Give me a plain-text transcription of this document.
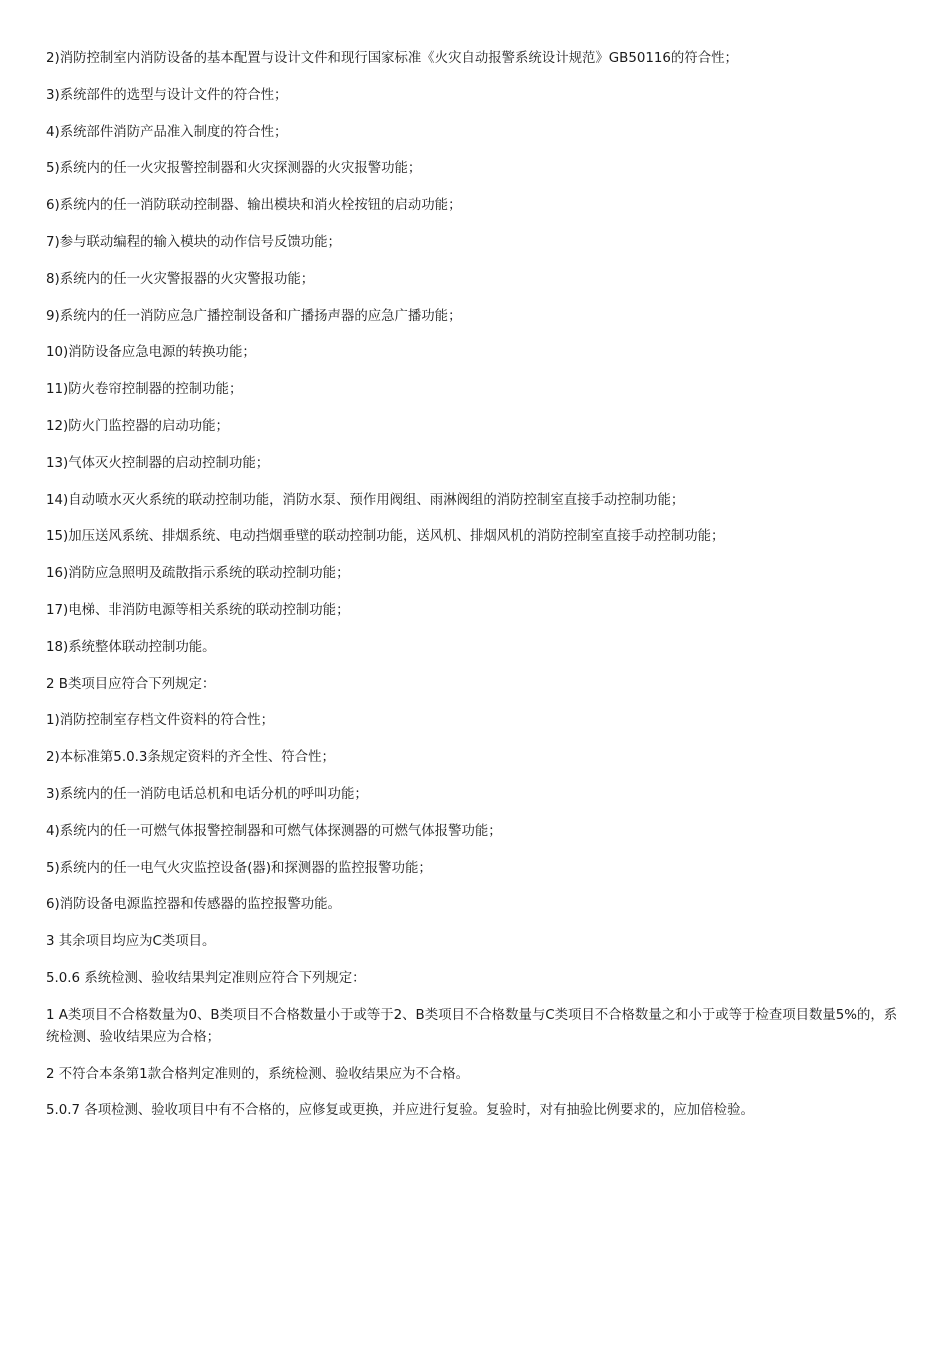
2)消防控制室内消防设备的基本配置与设计文件和现行国家标准《火灾自动报警系统设计规范》GB50116的符合性；

3)系统部件的选型与设计文件的符合性；

4)系统部件消防产品准入制度的符合性；

5)系统内的任一火灾报警控制器和火灾探测器的火灾报警功能；

6)系统内的任一消防联动控制器、输出模块和消火栓按钮的启动功能；

7)参与联动编程的输入模块的动作信号反馈功能；

8)系统内的任一火灾警报器的火灾警报功能；

9)系统内的任一消防应急广播控制设备和广播扬声器的应急广播功能；

10)消防设备应急电源的转换功能；

11)防火卷帘控制器的控制功能；

12)防火门监控器的启动功能；

13)气体灭火控制器的启动控制功能；

14)自动喷水灭火系统的联动控制功能，消防水泵、预作用阀组、雨淋阀组的消防控制室直接手动控制功能；

15)加压送风系统、排烟系统、电动挡烟垂壁的联动控制功能，送风机、排烟风机的消防控制室直接手动控制功能；

16)消防应急照明及疏散指示系统的联动控制功能；

17)电梯、非消防电源等相关系统的联动控制功能；

18)系统整体联动控制功能。

2 B类项目应符合下列规定：

1)消防控制室存档文件资料的符合性；

2)本标准第5.0.3条规定资料的齐全性、符合性；

3)系统内的任一消防电话总机和电话分机的呼叫功能；

4)系统内的任一可燃气体报警控制器和可燃气体探测器的可燃气体报警功能；

5)系统内的任一电气火灾监控设备(器)和探测器的监控报警功能；

6)消防设备电源监控器和传感器的监控报警功能。

3 其余项目均应为C类项目。

5.0.6 系统检测、验收结果判定准则应符合下列规定：

1 A类项目不合格数量为0、B类项目不合格数量小于或等于2、B类项目不合格数量与C类项目不合格数量之和小于或等于检查项目数量5%的，系统检测、验收结果应为合格；

2 不符合本条第1款合格判定准则的，系统检测、验收结果应为不合格。

5.0.7 各项检测、验收项目中有不合格的，应修复或更换，并应进行复验。复验时，对有抽验比例要求的，应加倍检验。
